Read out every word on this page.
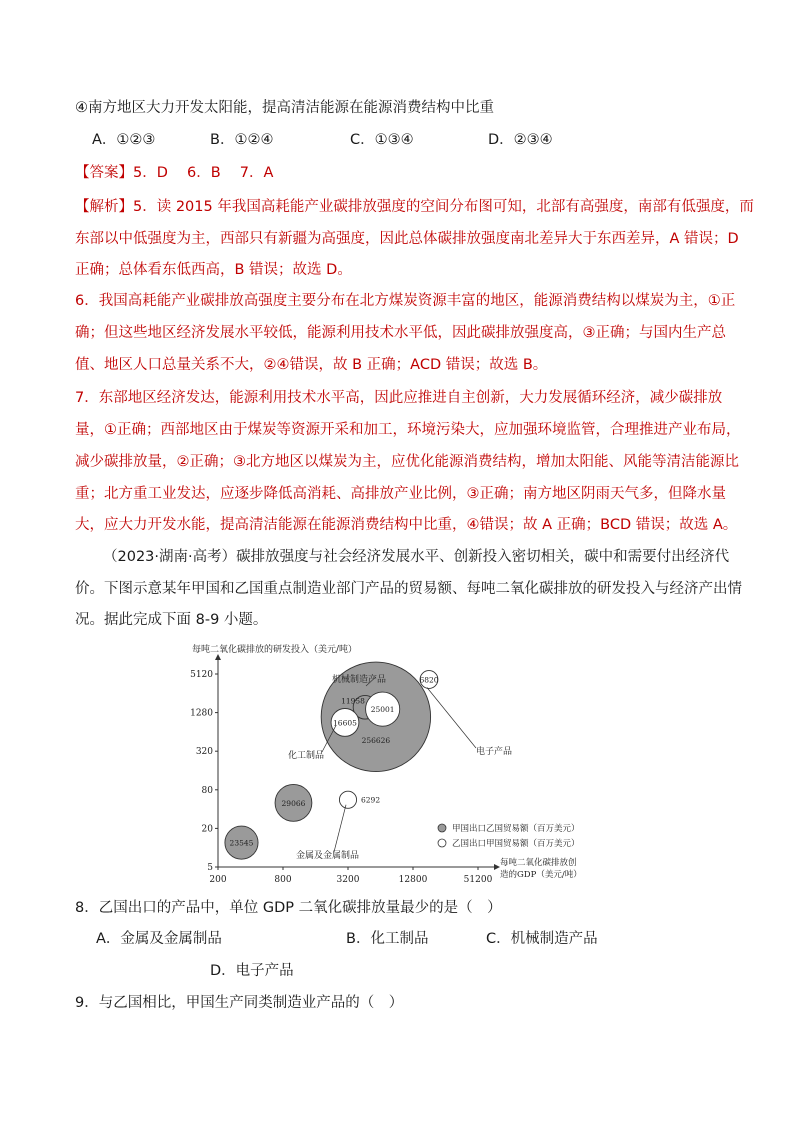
④南方地区大力开发太阳能，提高清洁能源在能源消费结构中比重
A．①②③	B．①②④	C．①③④	D．②③④
【答案】5．D　 6．B　 7．A
【解析】5．读 2015 年我国高耗能产业碳排放强度的空间分布图可知，北部有高强度，南部有低强度，而
东部以中低强度为主，西部只有新疆为高强度，因此总体碳排放强度南北差异大于东西差异，A 错误；D
正确；总体看东低西高，B 错误；故选 D。
6．我国高耗能产业碳排放高强度主要分布在北方煤炭资源丰富的地区，能源消费结构以煤炭为主，①正
确；但这些地区经济发展水平较低，能源利用技术水平低，因此碳排放强度高，③正确；与国内生产总
值、地区人口总量关系不大，②④错误，故 B 正确；ACD 错误；故选 B。
7．东部地区经济发达，能源利用技术水平高，因此应推进自主创新，大力发展循环经济，减少碳排放
量，①正确；西部地区由于煤炭等资源开采和加工，环境污染大，应加强环境监管，合理推进产业布局，
减少碳排放量，②正确；③北方地区以煤炭为主，应优化能源消费结构，增加太阳能、风能等清洁能源比
重；北方重工业发达，应逐步降低高消耗、高排放产业比例，③正确；南方地区阴雨天气多，但降水量
大，应大力开发水能，提高清洁能源在能源消费结构中比重，④错误；故 A 正确；BCD 错误；故选 A。
（2023·湖南·高考）碳排放强度与社会经济发展水平、创新投入密切相关，碳中和需要付出经济代
价。下图示意某年甲国和乙国重点制造业部门产品的贸易额、每吨二氧化碳排放的研发投入与经济产出情
况。据此完成下面 8-9 小题。
200	800	3200	12800	51200
5
20
80
320
1280
5120
每吨二氧化碳排放的研发投入（美元/吨）
每吨二氧化碳排放创
造的GDP（美元/吨）
256626
29066
23545
11958
25001
16605
6292
6820
机械制造产品
电子产品
化工制品
金属及金属制品
甲国出口乙国贸易额（百万美元）
乙国出口甲国贸易额（百万美元）
8．乙国出口的产品中，单位 GDP 二氧化碳排放量最少的是（　）
A．金属及金属制品	B．化工制品	C．机械制造产品
D．电子产品
9．与乙国相比，甲国生产同类制造业产品的（　）
